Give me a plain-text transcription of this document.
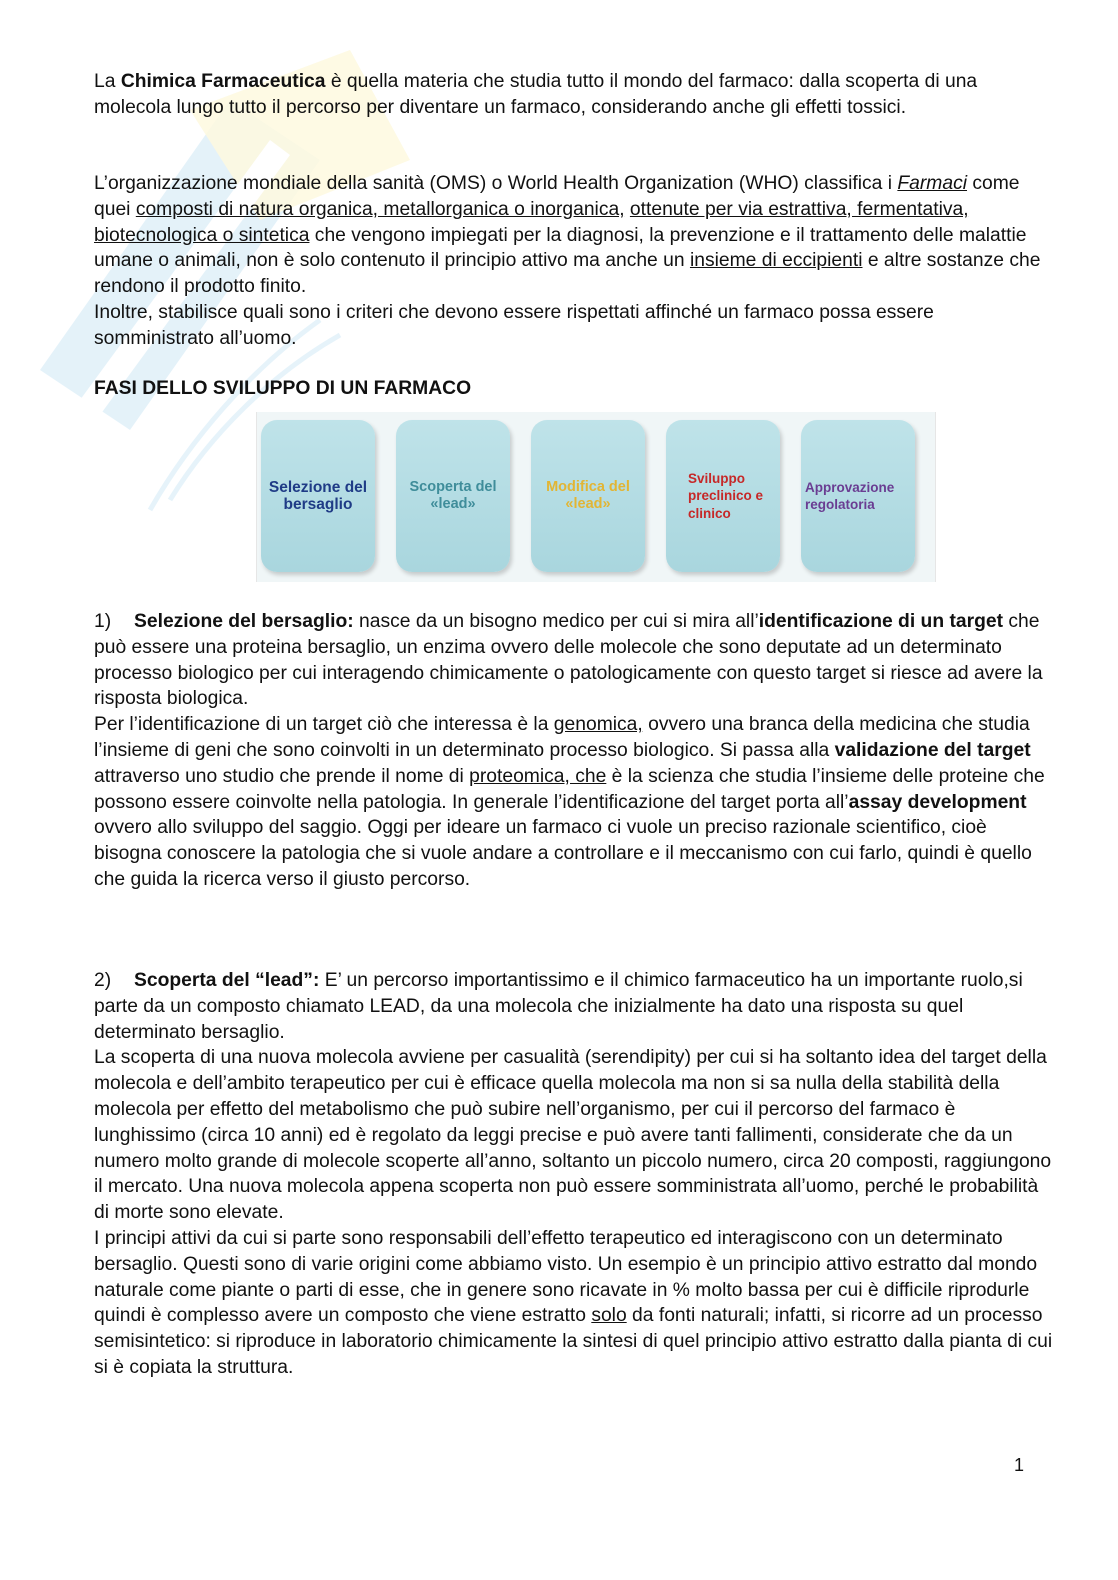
La Chimica Farmaceutica è quella materia che studia tutto il mondo del farmaco: dalla scoperta di una molecola lungo tutto il percorso per diventare un farmaco, considerando anche gli effetti tossici.

L’organizzazione mondiale della sanità (OMS) o World Health Organization (WHO) classifica i Farmaci come quei composti di natura organica, metallorganica o inorganica, ottenute per via estrattiva, fermentativa, biotecnologica o sintetica che vengono impiegati per la diagnosi, la prevenzione e il trattamento delle malattie umane o animali, non è solo contenuto il principio attivo ma anche un insieme di eccipienti e altre sostanze che rendono il prodotto finito.

Inoltre, stabilisce quali sono i criteri che devono essere rispettati affinché un farmaco possa essere somministrato all’uomo.

FASI DELLO SVILUPPO DI UN FARMACO
Selezione del bersaglio
Scoperta del «lead»
Modifica del «lead»
Sviluppo preclinico e clinico
Approvazione regolatoria

1) Selezione del bersaglio: nasce da un bisogno medico per cui si mira all’identificazione di un target che può essere una proteina bersaglio, un enzima ovvero delle molecole che sono deputate ad un determinato processo biologico per cui interagendo chimicamente o patologicamente con questo target si riesce ad avere la risposta biologica.

Per l’identificazione di un target ciò che interessa è la genomica, ovvero una branca della medicina che studia l’insieme di geni che sono coinvolti in un determinato processo biologico. Si passa alla validazione del target attraverso uno studio che prende il nome di proteomica, che è la scienza che studia l’insieme delle proteine che possono essere coinvolte nella patologia. In generale l’identificazione del target porta all’assay development ovvero allo sviluppo del saggio. Oggi per ideare un farmaco ci vuole un preciso razionale scientifico, cioè bisogna conoscere la patologia che si vuole andare a controllare e il meccanismo con cui farlo, quindi è quello che guida la ricerca verso il giusto percorso.

2) Scoperta del “lead”: E’ un percorso importantissimo e il chimico farmaceutico ha un importante ruolo,si parte da un composto chiamato LEAD, da una molecola che inizialmente ha dato una risposta su quel determinato bersaglio.

La scoperta di una nuova molecola avviene per casualità (serendipity) per cui si ha soltanto idea del target della molecola e dell’ambito terapeutico per cui è efficace quella molecola ma non si sa nulla della stabilità della molecola per effetto del metabolismo che può subire nell’organismo, per cui il percorso del farmaco è lunghissimo (circa 10 anni) ed è regolato da leggi precise e può avere tanti fallimenti, considerate che da un numero molto grande di molecole scoperte all’anno, soltanto un piccolo numero, circa 20 composti, raggiungono il mercato. Una nuova molecola appena scoperta non può essere somministrata all’uomo, perché le probabilità di morte sono elevate.

I principi attivi da cui si parte sono responsabili dell’effetto terapeutico ed interagiscono con un determinato bersaglio. Questi sono di varie origini come abbiamo visto. Un esempio è un principio attivo estratto dal mondo naturale come piante o parti di esse, che in genere sono ricavate in % molto bassa per cui è difficile riprodurle quindi è complesso avere un composto che viene estratto solo da fonti naturali; infatti, si ricorre ad un processo semisintetico: si riproduce in laboratorio chimicamente la sintesi di quel principio attivo estratto dalla pianta di cui si è copiata la struttura.

1
